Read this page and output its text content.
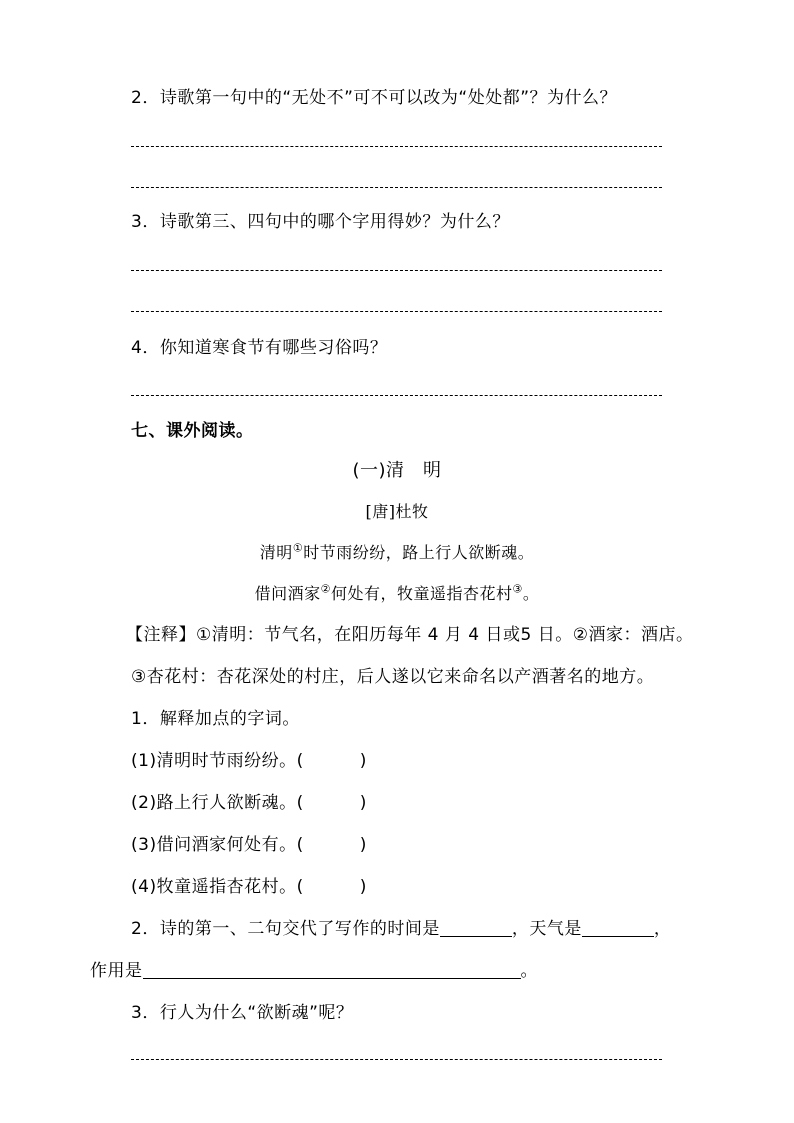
2．诗歌第一句中的“无处不”可不可以改为“处处都”？为什么？
3．诗歌第三、四句中的哪个字用得妙？为什么？
4．你知道寒食节有哪些习俗吗？
七、课外阅读。
(一)清　明
[唐]杜牧
清明①时节雨纷纷，路上行人欲断魂。
借问酒家②何处有，牧童遥指杏花村③。
【注释】①清明：节气名，在阳历每年 4 月 4 日或5 日。②酒家：酒店。
③杏花村：杏花深处的村庄，后人遂以它来命名以产酒著名的地方。
1．解释加点的字词。
(1)清明时节雨纷纷。(	)
(2)路上行人欲断魂。(	)
(3)借问酒家何处有。(	)
(4)牧童遥指杏花村。(	)
2．诗的第一、二句交代了写作的时间是	，天气是	，
作用是	。
3．行人为什么“欲断魂”呢？
